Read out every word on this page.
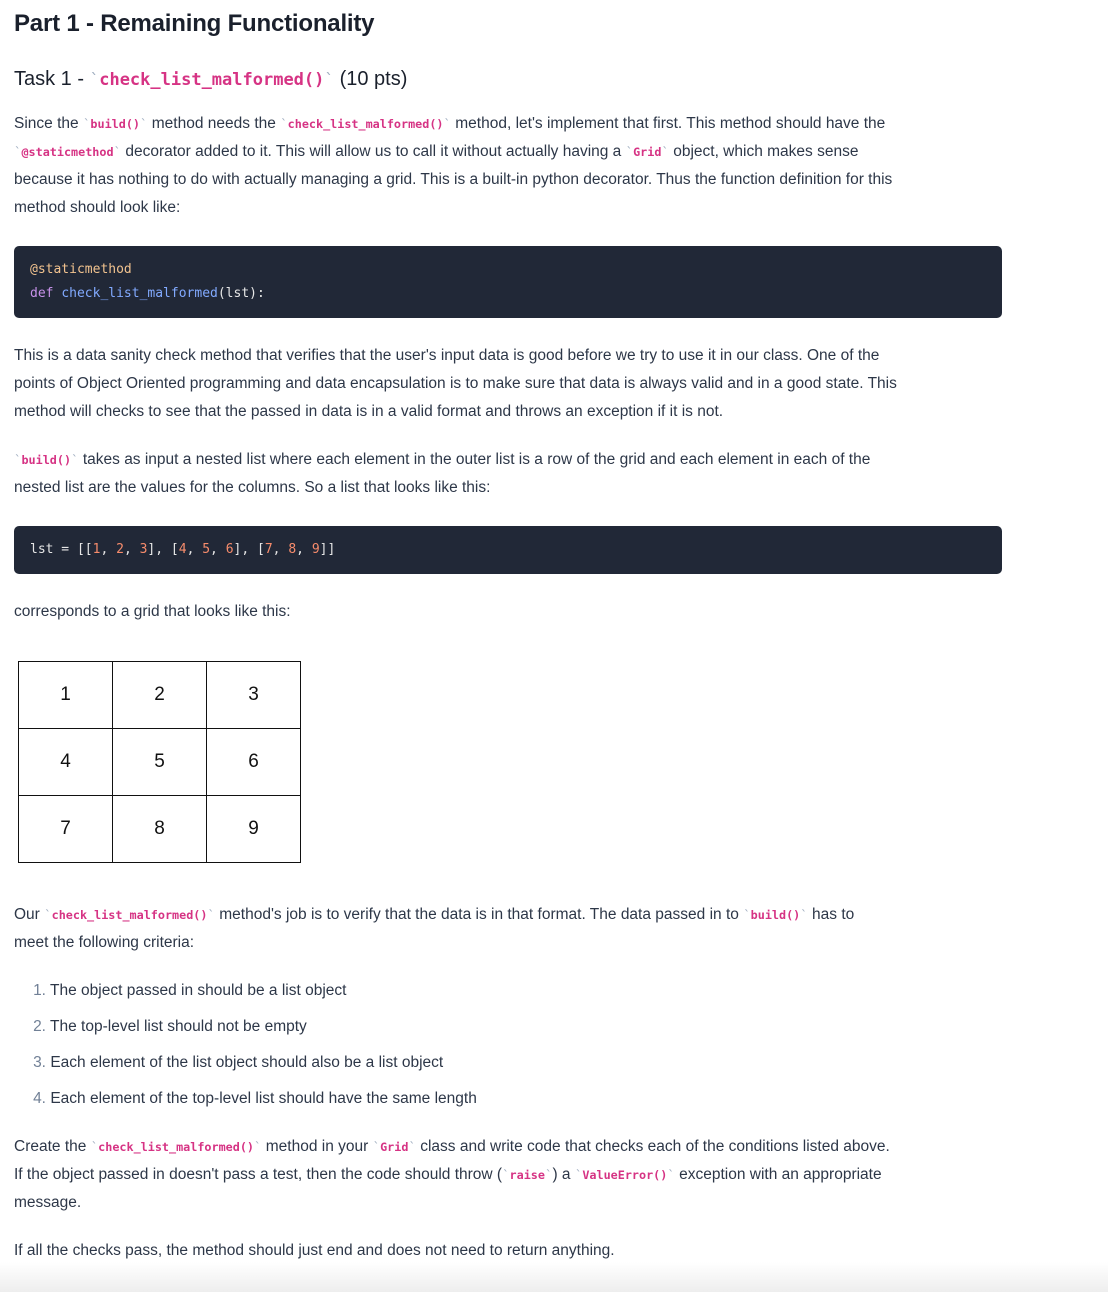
Part 1 - Remaining Functionality
Task 1 - `check_list_malformed()` (10 pts)

Since the `build()` method needs the `check_list_malformed()` method, let's implement that first. This method should have the
`@staticmethod` decorator added to it. This will allow us to call it without actually having a `Grid` object, which makes sense
because it has nothing to do with actually managing a grid. This is a built-in python decorator. Thus the function definition for this
method should look like:

@staticmethod
def check_list_malformed(lst):

This is a data sanity check method that verifies that the user's input data is good before we try to use it in our class. One of the
points of Object Oriented programming and data encapsulation is to make sure that data is always valid and in a good state. This
method will checks to see that the passed in data is in a valid format and throws an exception if it is not.

`build()` takes as input a nested list where each element in the outer list is a row of the grid and each element in each of the
nested list are the values for the columns. So a list that looks like this:

lst = [[1, 2, 3], [4, 5, 6], [7, 8, 9]]

corresponds to a grid that looks like this:

1	2	3
4	5	6
7	8	9

Our `check_list_malformed()` method's job is to verify that the data is in that format. The data passed in to `build()` has to
meet the following criteria:

1. The object passed in should be a list object
2. The top-level list should not be empty
3. Each element of the list object should also be a list object
4. Each element of the top-level list should have the same length

Create the `check_list_malformed()` method in your `Grid` class and write code that checks each of the conditions listed above.
If the object passed in doesn't pass a test, then the code should throw (`raise`) a `ValueError()` exception with an appropriate
message.

If all the checks pass, the method should just end and does not need to return anything.
